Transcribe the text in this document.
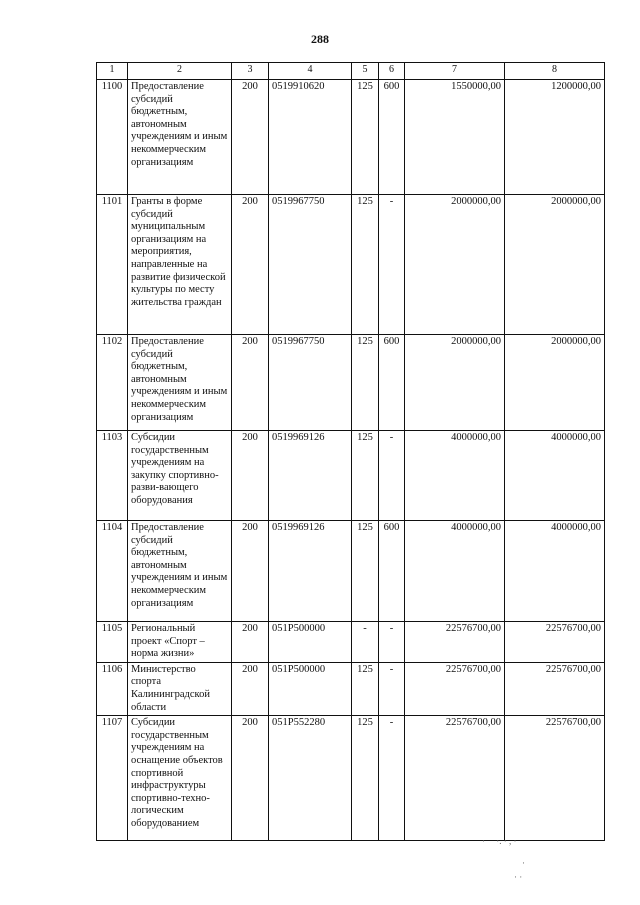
288
1	2	3	4	5	6	7	8
1100	Предоставление субсидий бюджетным, автономным учреждениям и иным некоммерческим организациям	200	0519910620	125	600	1550000,00	1200000,00
1101	Гранты в форме субсидий муниципальным организациям на мероприятия, направленные на развитие физической культуры по месту жительства граждан	200	0519967750	125	-	2000000,00	2000000,00
1102	Предоставление субсидий бюджетным, автономным учреждениям и иным некоммерческим организациям	200	0519967750	125	600	2000000,00	2000000,00
1103	Субсидии государственным учреждениям на закупку спортивно-разви-вающего оборудования	200	0519969126	125	-	4000000,00	4000000,00
1104	Предоставление субсидий бюджетным, автономным учреждениям и иным некоммерческим организациям	200	0519969126	125	600	4000000,00	4000000,00
1105	Региональный проект «Спорт – норма жизни»	200	051P500000	-	-	22576700,00	22576700,00
1106	Министерство спорта Калининградской области	200	051P500000	125	-	22576700,00	22576700,00
1107	Субсидии государственным учреждениям на оснащение объектов спортивной инфраструктуры спортивно-техно-логическим оборудованием	200	051P552280	125	-	22576700,00	22576700,00
·     ·. · , ·
·
· ·
